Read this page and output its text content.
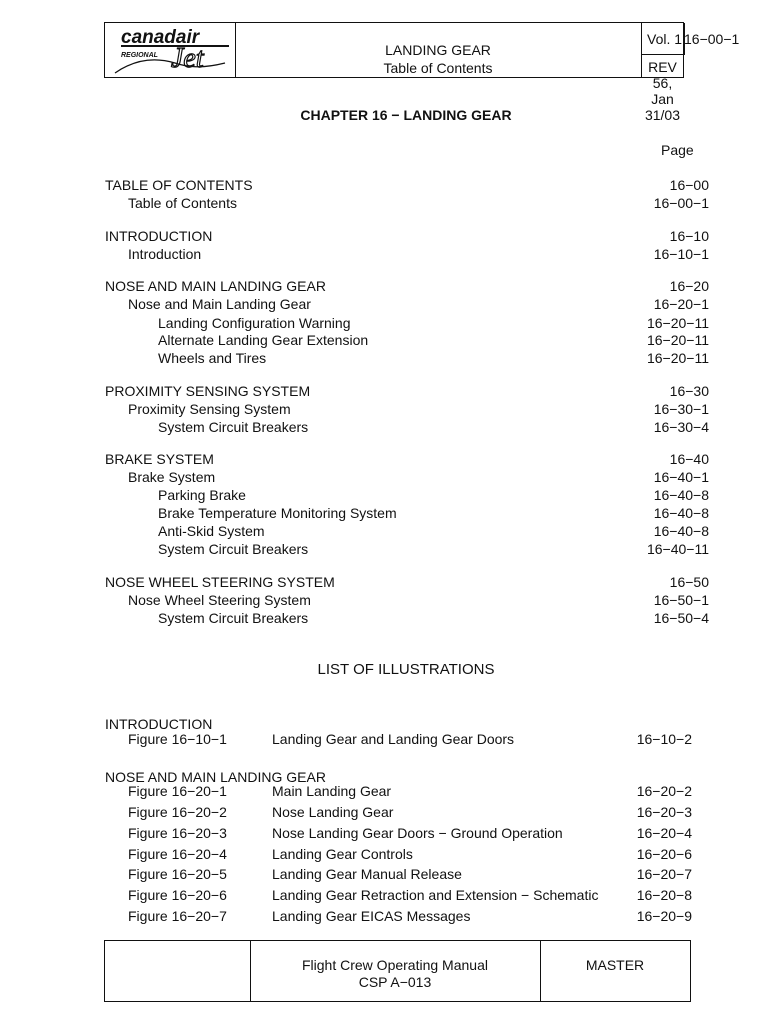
canadair
REGIONAL Jet	LANDING GEAR
Table of Contents
Vol. 1 16−00−1
REV 56, Jan 31/03
CHAPTER 16 − LANDING GEAR
Page
TABLE OF CONTENTS	16−00
Table of Contents	16−00−1
INTRODUCTION	16−10
Introduction	16−10−1
NOSE AND MAIN LANDING GEAR	16−20
Nose and Main Landing Gear	16−20−1
Landing Configuration Warning	16−20−11
Alternate Landing Gear Extension	16−20−11
Wheels and Tires	16−20−11
PROXIMITY SENSING SYSTEM	16−30
Proximity Sensing System	16−30−1
System Circuit Breakers	16−30−4
BRAKE SYSTEM	16−40
Brake System	16−40−1
Parking Brake	16−40−8
Brake Temperature Monitoring System	16−40−8
Anti-Skid System	16−40−8
System Circuit Breakers	16−40−11
NOSE WHEEL STEERING SYSTEM	16−50
Nose Wheel Steering System	16−50−1
System Circuit Breakers	16−50−4
LIST OF ILLUSTRATIONS
INTRODUCTION
Figure 16−10−1	Landing Gear and Landing Gear Doors	16−10−2
NOSE AND MAIN LANDING GEAR
Figure 16−20−1	Main Landing Gear	16−20−2
Figure 16−20−2	Nose Landing Gear	16−20−3
Figure 16−20−3	Nose Landing Gear Doors − Ground Operation	16−20−4
Figure 16−20−4	Landing Gear Controls	16−20−6
Figure 16−20−5	Landing Gear Manual Release	16−20−7
Figure 16−20−6	Landing Gear Retraction and Extension − Schematic	16−20−8
Figure 16−20−7	Landing Gear EICAS Messages	16−20−9
Flight Crew Operating Manual
CSP A−013
MASTER
